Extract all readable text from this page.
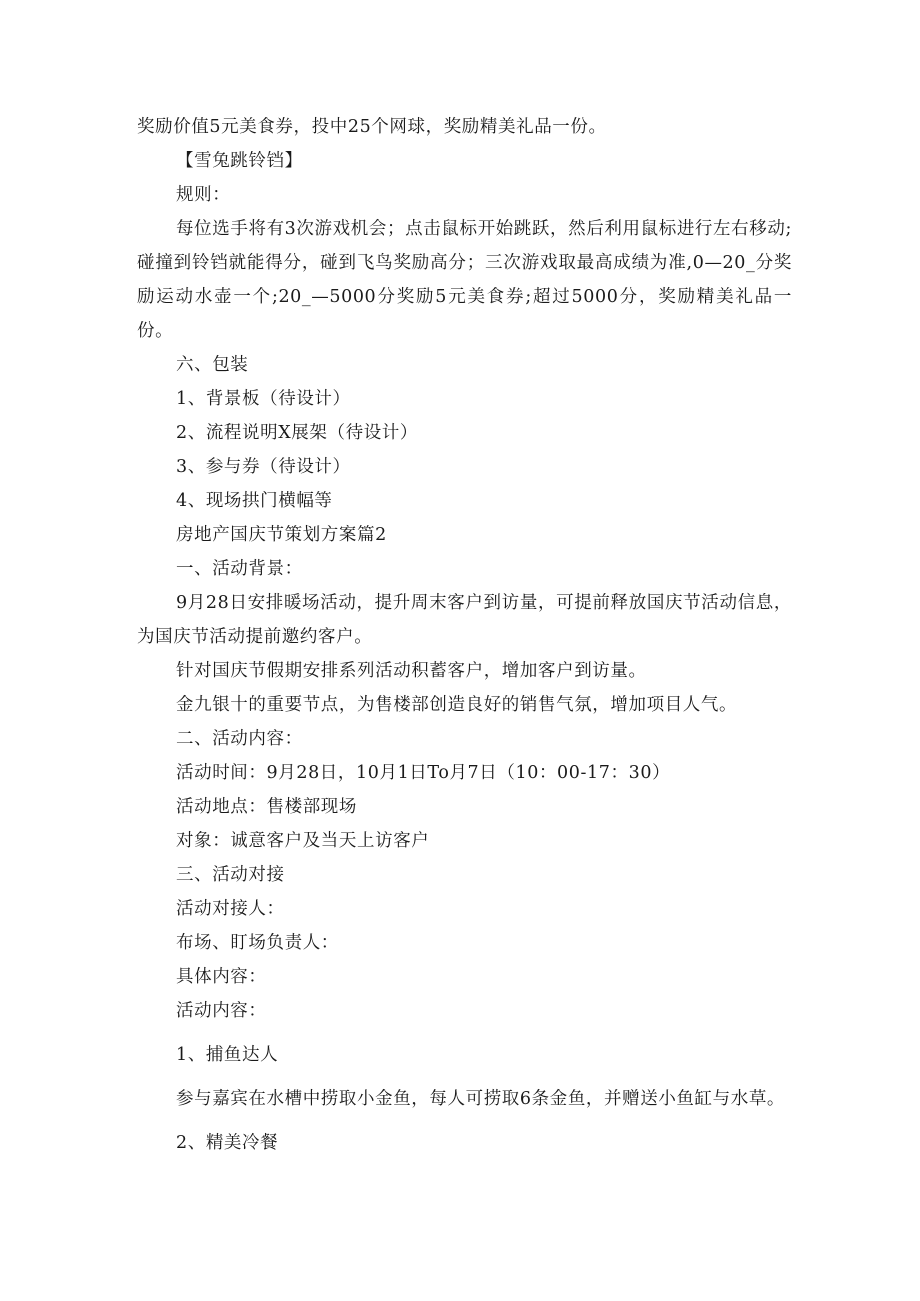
奖励价值5元美食券，投中25个网球，奖励精美礼品一份。
【雪兔跳铃铛】
规则：

每位选手将有3次游戏机会；点击鼠标开始跳跃，然后利用鼠标进行左右移动;碰撞到铃铛就能得分，碰到飞鸟奖励高分；三次游戏取最高成绩为准,0—20_分奖励运动水壶一个;20_—5000分奖励5元美食券;超过5000分，奖励精美礼品一份。

六、包装
1、背景板（待设计）
2、流程说明X展架（待设计）
3、参与券（待设计）
4、现场拱门横幅等
房地产国庆节策划方案篇2
一、活动背景：

9月28日安排暖场活动，提升周末客户到访量，可提前释放国庆节活动信息，为国庆节活动提前邀约客户。

针对国庆节假期安排系列活动积蓄客户，增加客户到访量。
金九银十的重要节点，为售楼部创造良好的销售气氛，增加项目人气。
二、活动内容：
活动时间：9月28日，10月1日To月7日（10：00-17：30）
活动地点：售楼部现场
对象：诚意客户及当天上访客户
三、活动对接
活动对接人：
布场、盯场负责人：
具体内容：
活动内容：
1、捕鱼达人

参与嘉宾在水槽中捞取小金鱼，每人可捞取6条金鱼，并赠送小鱼缸与水草。

2、精美冷餐
